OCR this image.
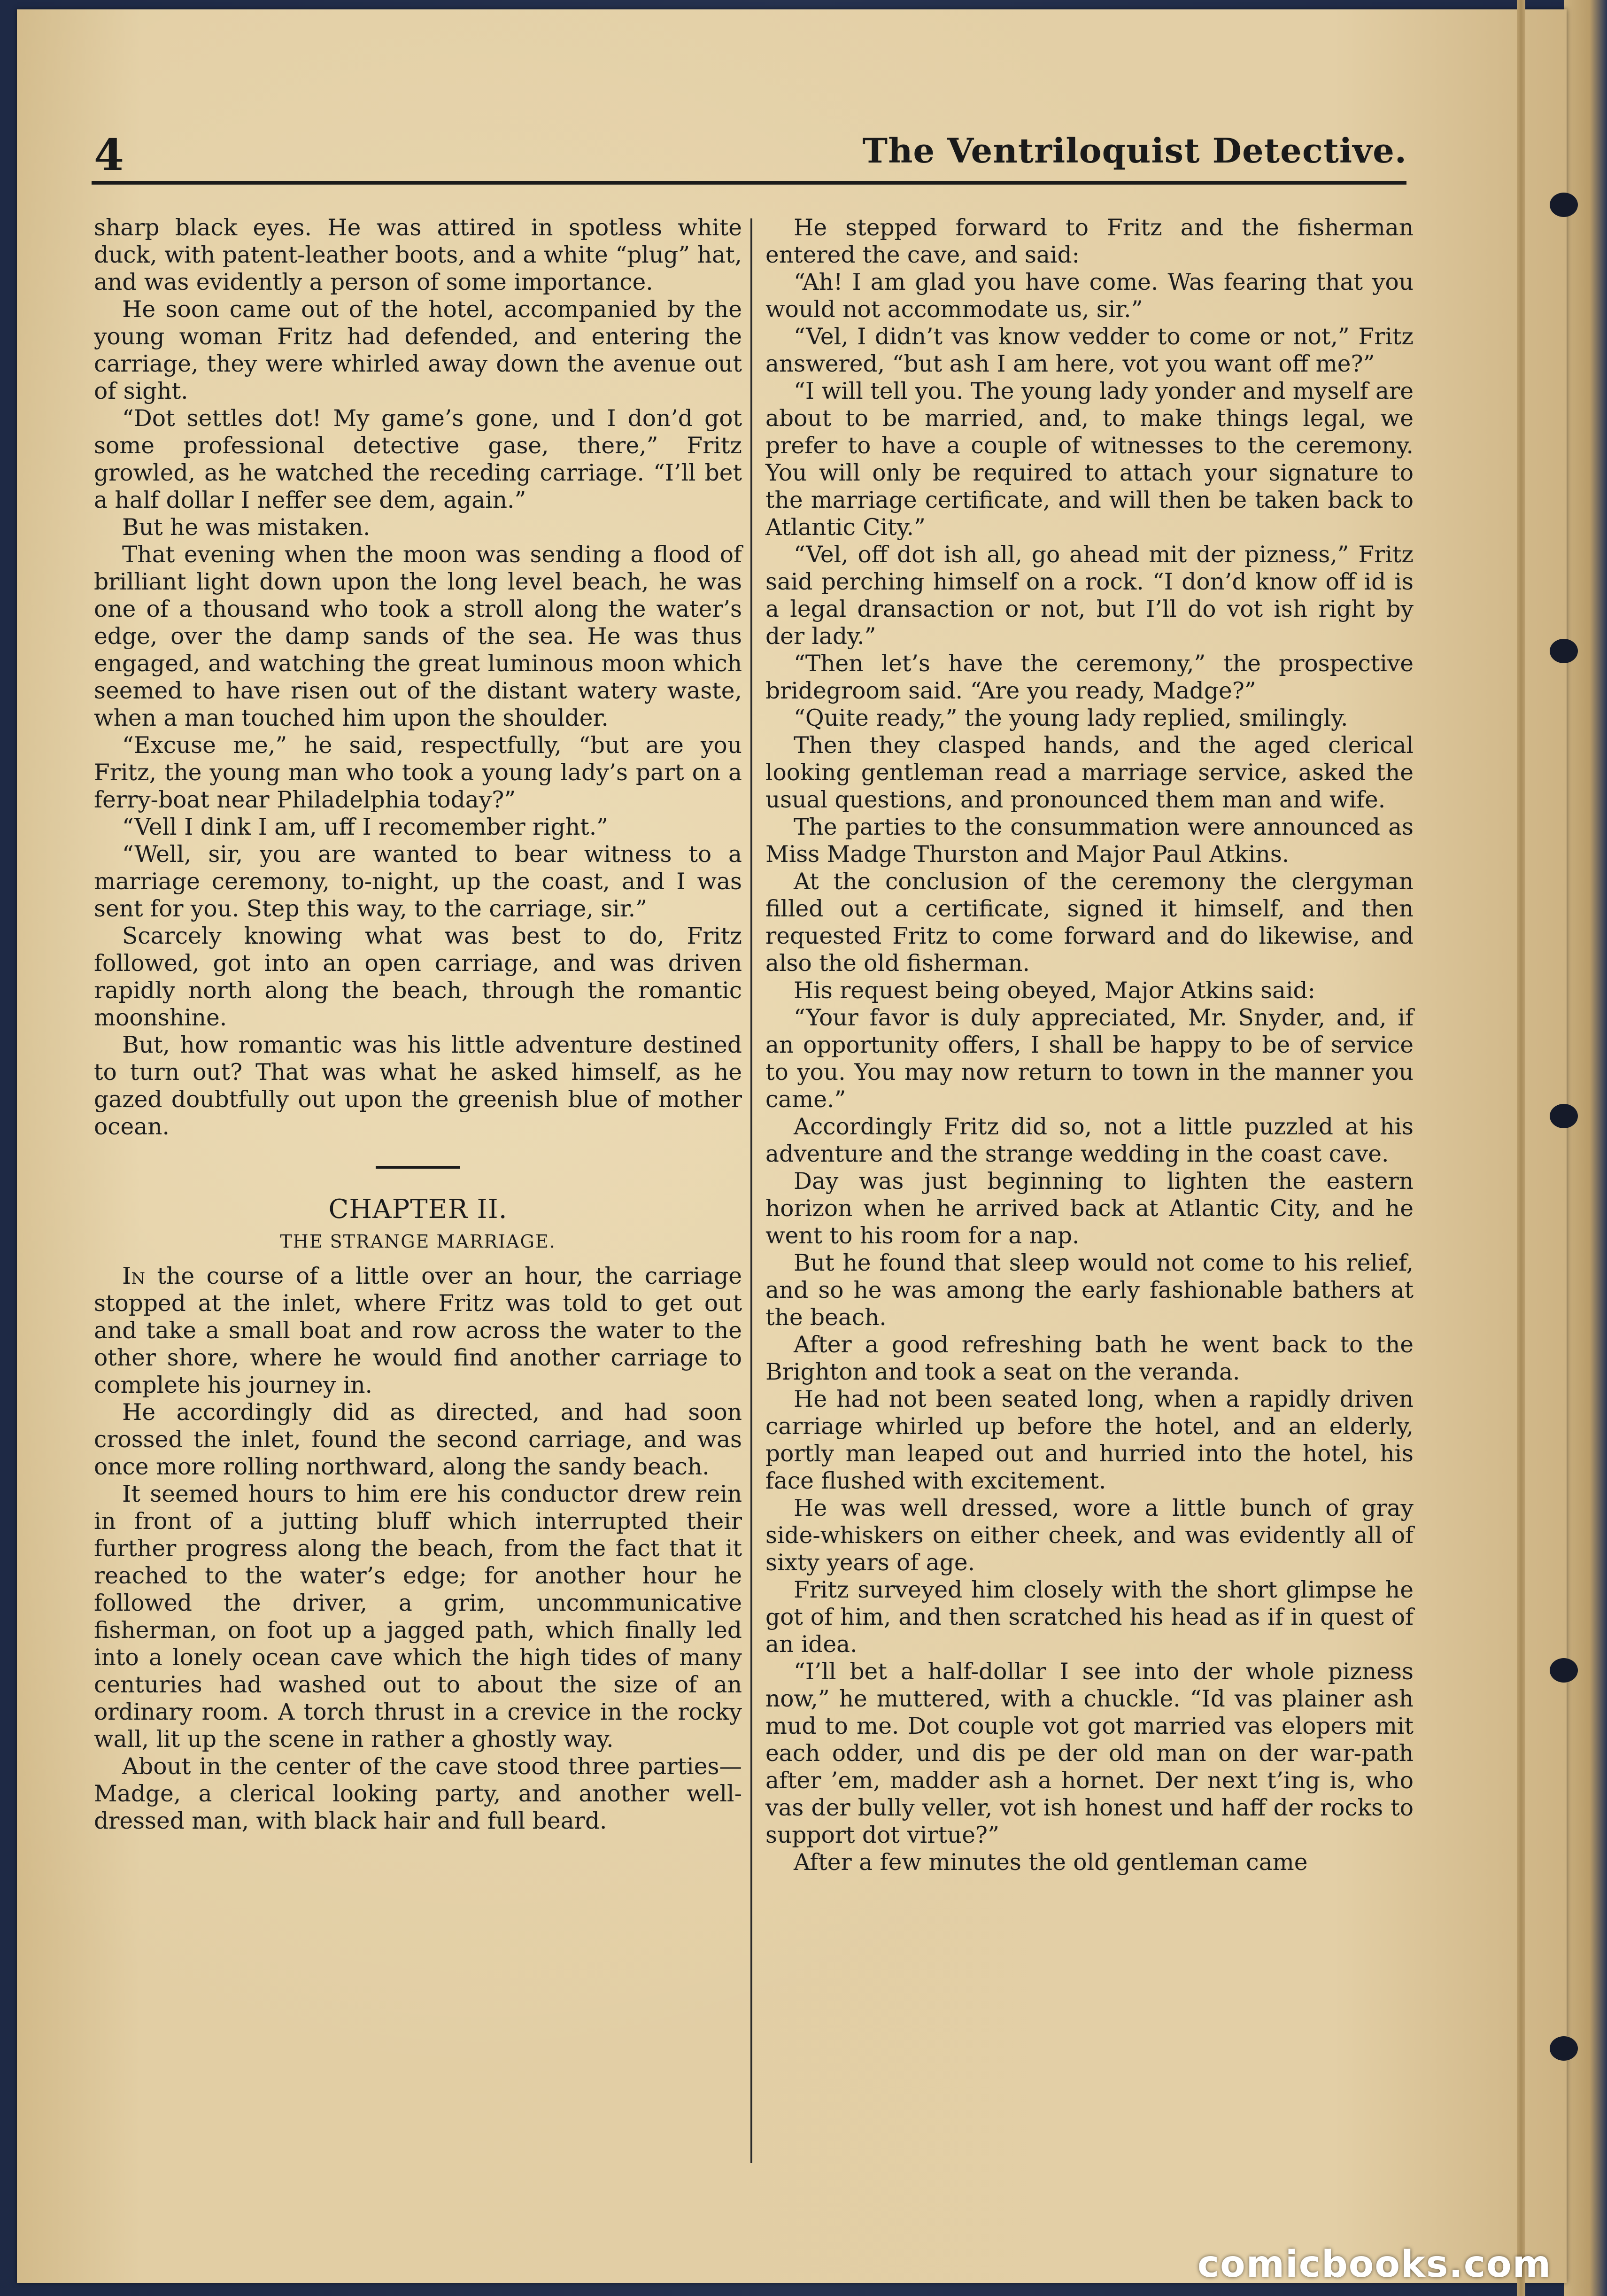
4	The Ventriloquist Detective.

sharp black eyes. He was attired in spotless white duck, with patent-leather boots, and a white “plug” hat, and was evidently a person of some importance.

He soon came out of the hotel, accompanied by the young woman Fritz had defended, and entering the carriage, they were whirled away down the avenue out of sight.

“Dot settles dot! My game’s gone, und I don’d got some professional detective gase, there,” Fritz growled, as he watched the receding carriage. “I’ll bet a half dollar I neffer see dem, again.”

But he was mistaken.

That evening when the moon was sending a flood of brilliant light down upon the long level beach, he was one of a thousand who took a stroll along the water’s edge, over the damp sands of the sea. He was thus engaged, and watching the great luminous moon which seemed to have risen out of the distant watery waste, when a man touched him upon the shoulder.

“Excuse me,” he said, respectfully, “but are you Fritz, the young man who took a young lady’s part on a ferry-boat near Philadelphia today?”

“Vell I dink I am, uff I recomember right.”

“Well, sir, you are wanted to bear witness to a marriage ceremony, to-night, up the coast, and I was sent for you. Step this way, to the carriage, sir.”

Scarcely knowing what was best to do, Fritz followed, got into an open carriage, and was driven rapidly north along the beach, through the romantic moonshine.

But, how romantic was his little adventure destined to turn out? That was what he asked himself, as he gazed doubtfully out upon the greenish blue of mother ocean.

CHAPTER II.
THE STRANGE MARRIAGE.

In the course of a little over an hour, the carriage stopped at the inlet, where Fritz was told to get out and take a small boat and row across the water to the other shore, where he would find another carriage to complete his journey in.

He accordingly did as directed, and had soon crossed the inlet, found the second carriage, and was once more rolling northward, along the sandy beach.

It seemed hours to him ere his conductor drew rein in front of a jutting bluff which interrupted their further progress along the beach, from the fact that it reached to the water’s edge; for another hour he followed the driver, a grim, uncommunicative fisherman, on foot up a jagged path, which finally led into a lonely ocean cave which the high tides of many centuries had washed out to about the size of an ordinary room. A torch thrust in a crevice in the rocky wall, lit up the scene in rather a ghostly way.

About in the center of the cave stood three parties—Madge, a clerical looking party, and another well-dressed man, with black hair and full beard.

He stepped forward to Fritz and the fisherman entered the cave, and said:

“Ah! I am glad you have come. Was fearing that you would not accommodate us, sir.”

“Vel, I didn’t vas know vedder to come or not,” Fritz answered, “but ash I am here, vot you want off me?”

“I will tell you. The young lady yonder and myself are about to be married, and, to make things legal, we prefer to have a couple of witnesses to the ceremony. You will only be required to attach your signature to the marriage certificate, and will then be taken back to Atlantic City.”

“Vel, off dot ish all, go ahead mit der pizness,” Fritz said perching himself on a rock. “I don’d know off id is a legal dransaction or not, but I’ll do vot ish right by der lady.”

“Then let’s have the ceremony,” the prospective bridegroom said. “Are you ready, Madge?”

“Quite ready,” the young lady replied, smilingly.

Then they clasped hands, and the aged clerical looking gentleman read a marriage service, asked the usual questions, and pronounced them man and wife.

The parties to the consummation were announced as Miss Madge Thurston and Major Paul Atkins.

At the conclusion of the ceremony the clergyman filled out a certificate, signed it himself, and then requested Fritz to come forward and do likewise, and also the old fisherman.

His request being obeyed, Major Atkins said:

“Your favor is duly appreciated, Mr. Snyder, and, if an opportunity offers, I shall be happy to be of service to you. You may now return to town in the manner you came.”

Accordingly Fritz did so, not a little puzzled at his adventure and the strange wedding in the coast cave.

Day was just beginning to lighten the eastern horizon when he arrived back at Atlantic City, and he went to his room for a nap.

But he found that sleep would not come to his relief, and so he was among the early fashionable bathers at the beach.

After a good refreshing bath he went back to the Brighton and took a seat on the veranda.

He had not been seated long, when a rapidly driven carriage whirled up before the hotel, and an elderly, portly man leaped out and hurried into the hotel, his face flushed with excitement.

He was well dressed, wore a little bunch of gray side-whiskers on either cheek, and was evidently all of sixty years of age.

Fritz surveyed him closely with the short glimpse he got of him, and then scratched his head as if in quest of an idea.

“I’ll bet a half-dollar I see into der whole pizness now,” he muttered, with a chuckle. “Id vas plainer ash mud to me. Dot couple vot got married vas elopers mit each odder, und dis pe der old man on der war-path after ’em, madder ash a hornet. Der next t’ing is, who vas der bully veller, vot ish honest und haff der rocks to support dot virtue?”

After a few minutes the old gentleman came

comicbooks.com
